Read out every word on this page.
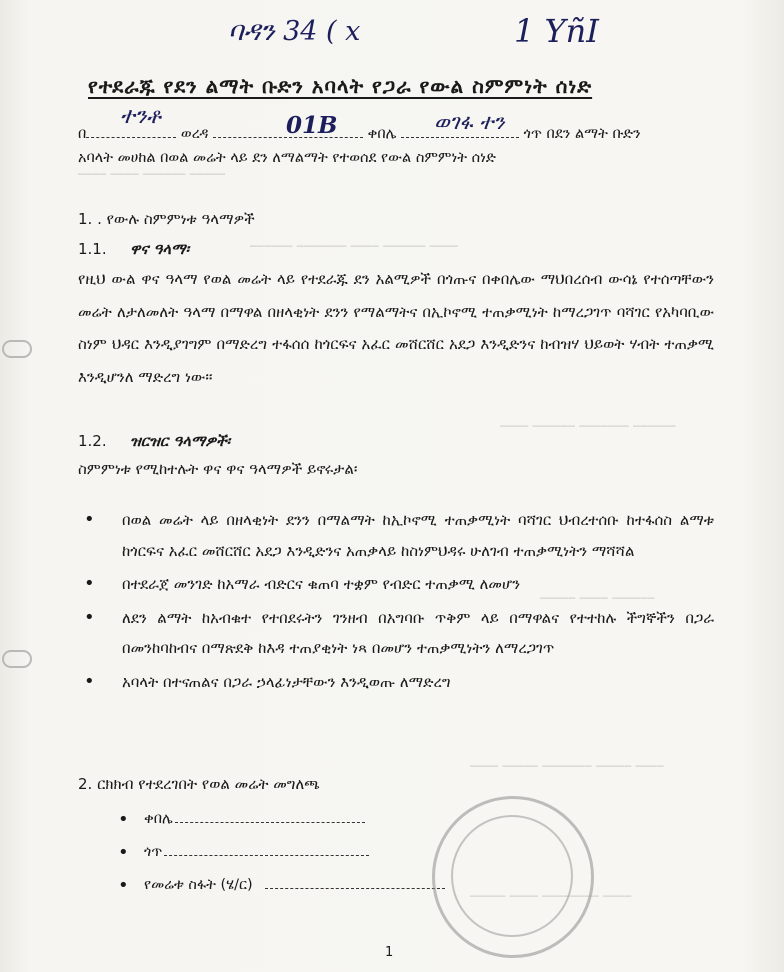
──── ──── ────── ─────
────── ─────── ──── ────── ────
──── ────── ─────── ──────
───── ──── ──────
──── ───── ─────── ───── ────
───── ──── ──────── ────
ባዳን 34 ( x	1 YñI
የተደራጁ የደን ልማት ቡድን አባላት የጋራ የውል ስምምነት ሰነድ
በ	ወረዳ	ቀበሌ	ጎጥ በደን ልማት ቡድን
ተንቶ	01B	ወገፋ ተን
አባላት መሀከል በወል መሬት ላይ ደን ለማልማት የተወሰደ የውል ስምምነት ሰነድ
1. . የውሉ ስምምነቱ ዓላማዎች
1.1. ዋና ዓላማ፡
የዚህ ውል ዋና ዓላማ የወል መሬት ላይ የተደራጁ ደን አልሚዎች በጎጡና በቀበሌው ማህበረሰብ ውሳኔ የተሰጣቸውን መሬት ለታለመለት ዓላማ በማዋል በዘላቂነት ደንን የማልማትና በኢኮኖሚ ተጠቃሚነት ከማረጋገጥ ባሻገር የአካባቢው ስነም ህዳር እንዲያገግም በማድረግ ተፋሰሰ ከጎርፍና አፈር መሸርሸር አደጋ እንዲድንና ከብዝሃ ህይወት ሃብት ተጠቃሚ እንዲሆንለ ማድረግ ነው፡፡
1.2. ዝርዝር ዓላማዎች፡
ስምምነቱ የሚከተሉት ዋና ዋና ዓላማዎች ይኖሩታል፡
• በወል መሬት ላይ በዘላቂነት ደንን በማልማት ከኢኮኖሚ ተጠቃሚነት ባሻገር ህብረተሰቡ ከተፋሰስ ልማቱ ከጎርፍና አፈር መሸርሸር አደጋ እንዲድንና አጠቃላይ ከስነምህዳሩ ሁለገብ ተጠቃሚነትን ማሻሻል
• በተደራጀ መንገድ ከአማራ ብድርና ቁጠባ ተቋም የብድር ተጠቃሚ ለመሆን
• ለደን ልማት ከአብቁተ የተበደሩትን ገንዘብ በአግባቡ ጥቅም ላይ በማዋልና የተተከሉ ችግኞችን በጋራ በመንከባከብና በማጽደቅ ከእዳ ተጠያቂነት ነጻ በመሆን ተጠቃሚነትን ለማረጋገጥ
• አባላት በተናጠልና በጋራ ኃላፊነታቸውን እንዲወጡ ለማድረግ
2. ርክክብ የተደረገበት የወል መሬት መግለጫ
• ቀበሌ
• ጎጥ
• የመሬቱ ስፋት (ሄ/ር)
1
